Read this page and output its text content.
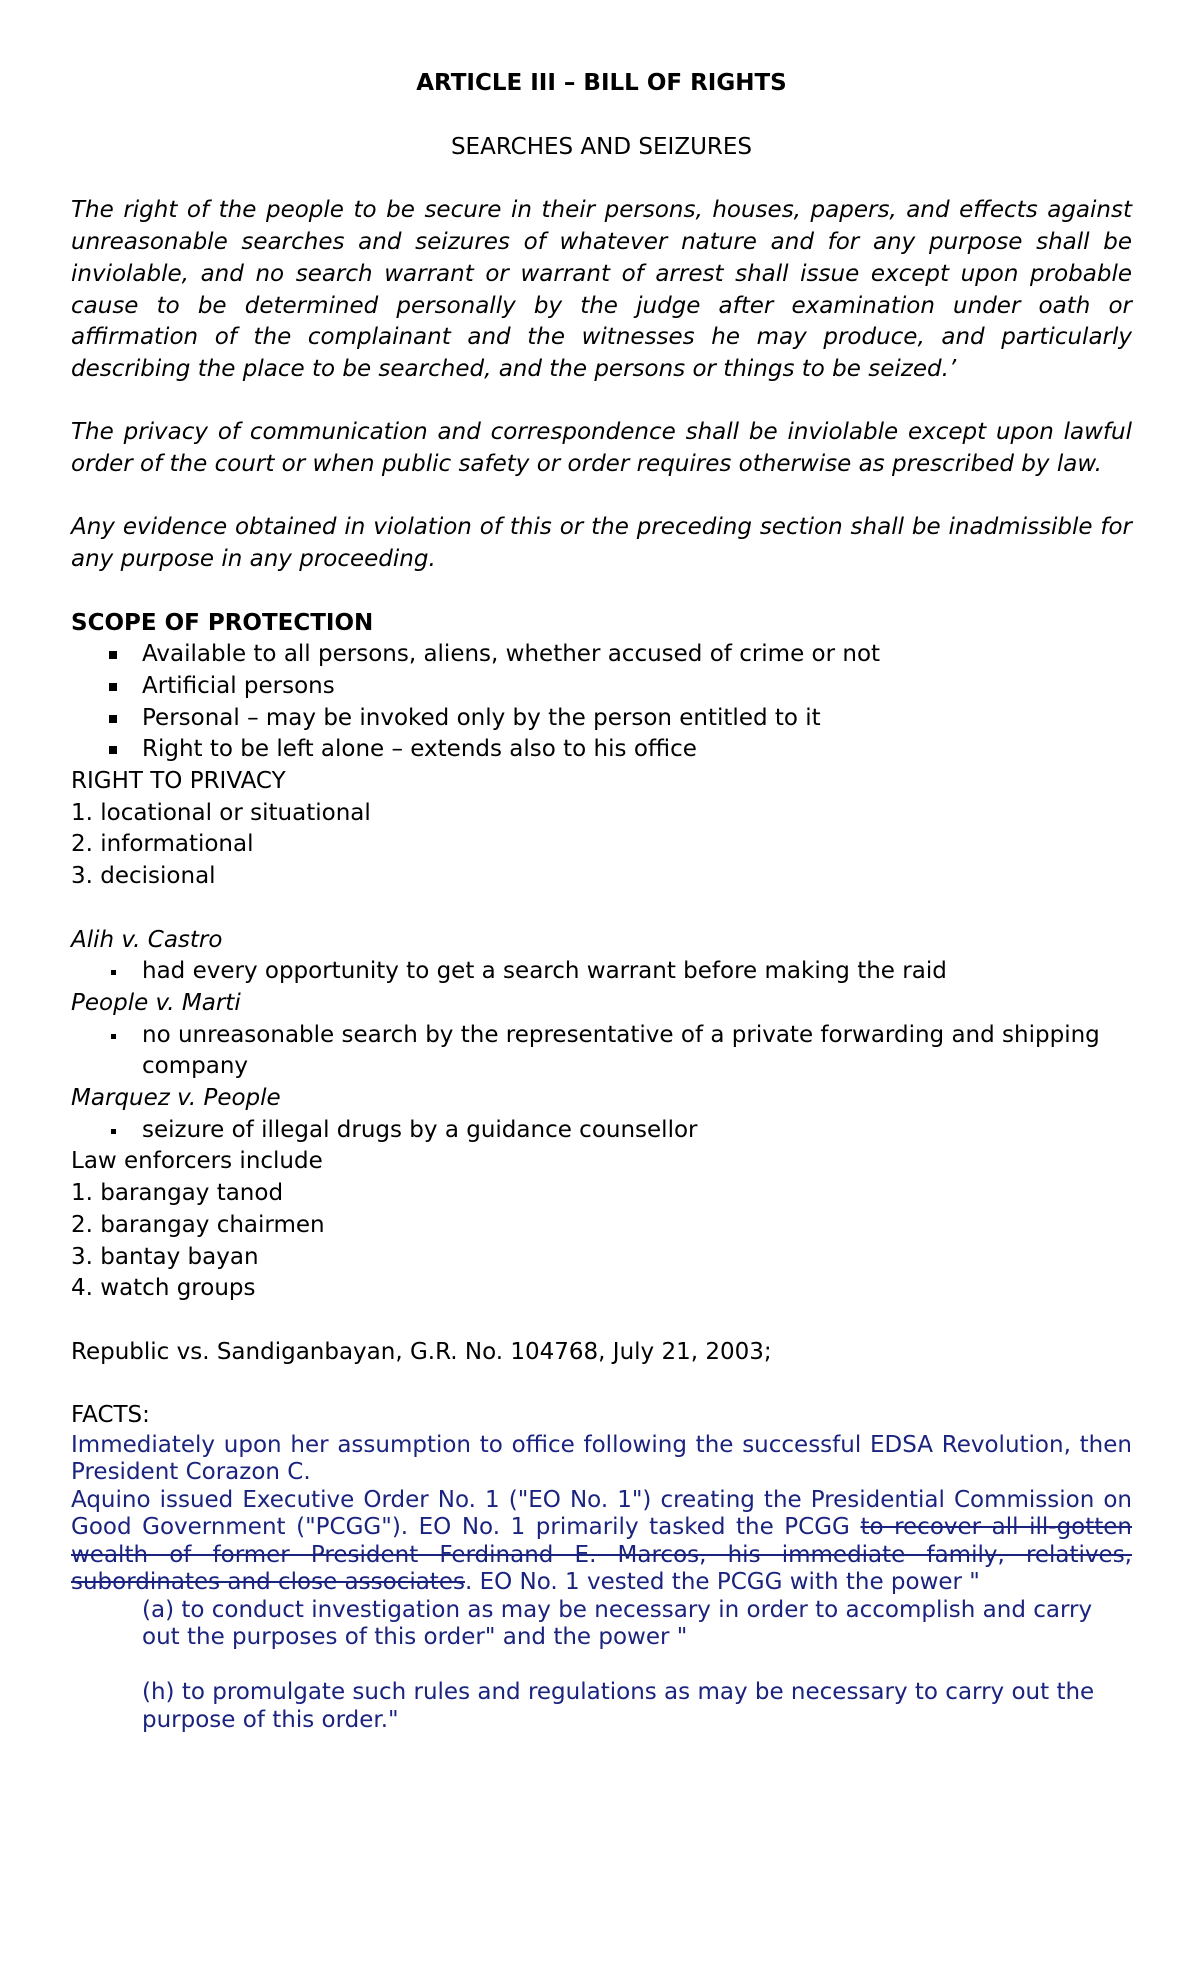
ARTICLE III – BILL OF RIGHTS

SEARCHES AND SEIZURES

The right of the people to be secure in their persons, houses, papers, and effects against unreasonable searches and seizures of whatever nature and for any purpose shall be inviolable, and no search warrant or warrant of arrest shall issue except upon probable cause to be determined personally by the judge after examination under oath or affirmation of the complainant and the witnesses he may produce, and particularly describing the place to be searched, and the persons or things to be seized.’

The privacy of communication and correspondence shall be inviolable except upon lawful order of the court or when public safety or order requires otherwise as prescribed by law.

Any evidence obtained in violation of this or the preceding section shall be inadmissible for any purpose in any proceeding.

SCOPE OF PROTECTION

Available to all persons, aliens, whether accused of crime or not
Artificial persons
Personal – may be invoked only by the person entitled to it
Right to be left alone – extends also to his office

RIGHT TO PRIVACY

1. locational or situational

2. informational

3. decisional

Alih v. Castro

had every opportunity to get a search warrant before making the raid

People v. Marti

no unreasonable search by the representative of a private forwarding and shipping company

Marquez v. People

seizure of illegal drugs by a guidance counsellor

Law enforcers include

1. barangay tanod

2. barangay chairmen

3. bantay bayan

4. watch groups

Republic vs. Sandiganbayan, G.R. No. 104768, July 21, 2003;

FACTS:

Immediately upon her assumption to office following the successful EDSA Revolution, then President Corazon C.

Aquino issued Executive Order No. 1 ("EO No. 1") creating the Presidential Commission on Good Government ("PCGG"). EO No. 1 primarily tasked the PCGG to recover all ill-gotten wealth of former President Ferdinand E. Marcos, his immediate family, relatives, subordinates and close associates. EO No. 1 vested the PCGG with the power "

(a) to conduct investigation as may be necessary in order to accomplish and carry out the purposes of this order" and the power "

(h) to promulgate such rules and regulations as may be necessary to carry out the purpose of this order."
